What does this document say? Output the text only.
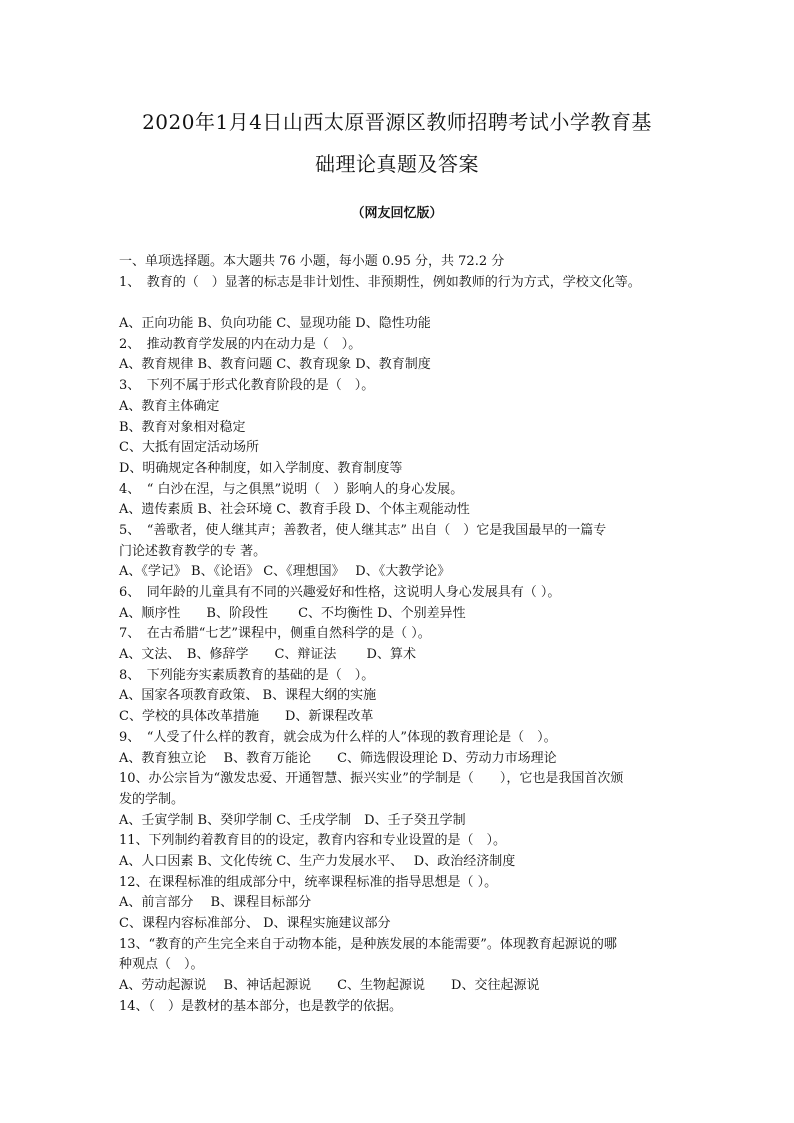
2020年1月4日山西太原晋源区教师招聘考试小学教育基
础理论真题及答案
（网友回忆版）
一、单项选择题。本大题共 76 小题，每小题 0.95 分，共 72.2 分
1、　教育的（　）显著的标志是非计划性、非预期性，例如教师的行为方式，学校文化等。
A、正向功能 B、负向功能 C、显现功能 D、隐性功能
2、　推动教育学发展的内在动力是（　）。
A、教育规律 B、教育问题 C、教育现象 D、教育制度
3、　下列不属于形式化教育阶段的是（　）。
A、教育主体确定
B、教育对象相对稳定
C、大抵有固定活动场所
D、明确规定各种制度，如入学制度、教育制度等
4、　“ 白沙在涅，与之俱黑”说明（　）影响人的身心发展。
A、遗传素质 B、社会环境 C、教育手段 D、个体主观能动性
5、　“善歌者，使人继其声；善教者，使人继其志” 出自（　）它是我国最早的一篇专
门论述教育教学的专 著。
A、《学记》 B、《论语》 C、《理想国》　 D、《大教学论》
6、　同年龄的儿童具有不同的兴趣爱好和性格，这说明人身心发展具有（ ）。
A、顺序性　　B、阶段性　　 C、不均衡性 D、个别差异性
7、　在古希腊“七艺”课程中，侧重自然科学的是（ ）。
A、文法、　B、修辞学　　C、辩证法　　 D、算术
8、　下列能夯实素质教育的基础的是（　）。
A、国家各项教育政策、 B、课程大纲的实施
C、学校的具体改革措施　　D、新课程改革
9、　“人受了什么样的教育，就会成为什么样的人”体现的教育理论是（　）。
A、教育独立论　 B、教育万能论　　C、筛选假设理论 D、劳动力市场理论
10、办公宗旨为“激发忠爱、开通智慧、振兴实业”的学制是（　　），它也是我国首次颁
发的学制。
A、壬寅学制 B、癸卯学制 C、壬戌学制　D、壬子癸丑学制
11、下列制约着教育目的的设定，教育内容和专业设置的是（　）。
A、人口因素 B、文化传统 C、生产力发展水平、　 D、政治经济制度
12、在课程标准的组成部分中，统率课程标准的指导思想是（ ）。
A、前言部分　 B、课程目标部分
C、课程内容标准部分、 D、课程实施建议部分
13、“教育的产生完全来自于动物本能，是种族发展的本能需要”。体现教育起源说的哪
种观点（　）。
A、劳动起源说　 B、神话起源说　　C、生物起源说　　D、交往起源说
14、（　）是教材的基本部分，也是教学的依据。
